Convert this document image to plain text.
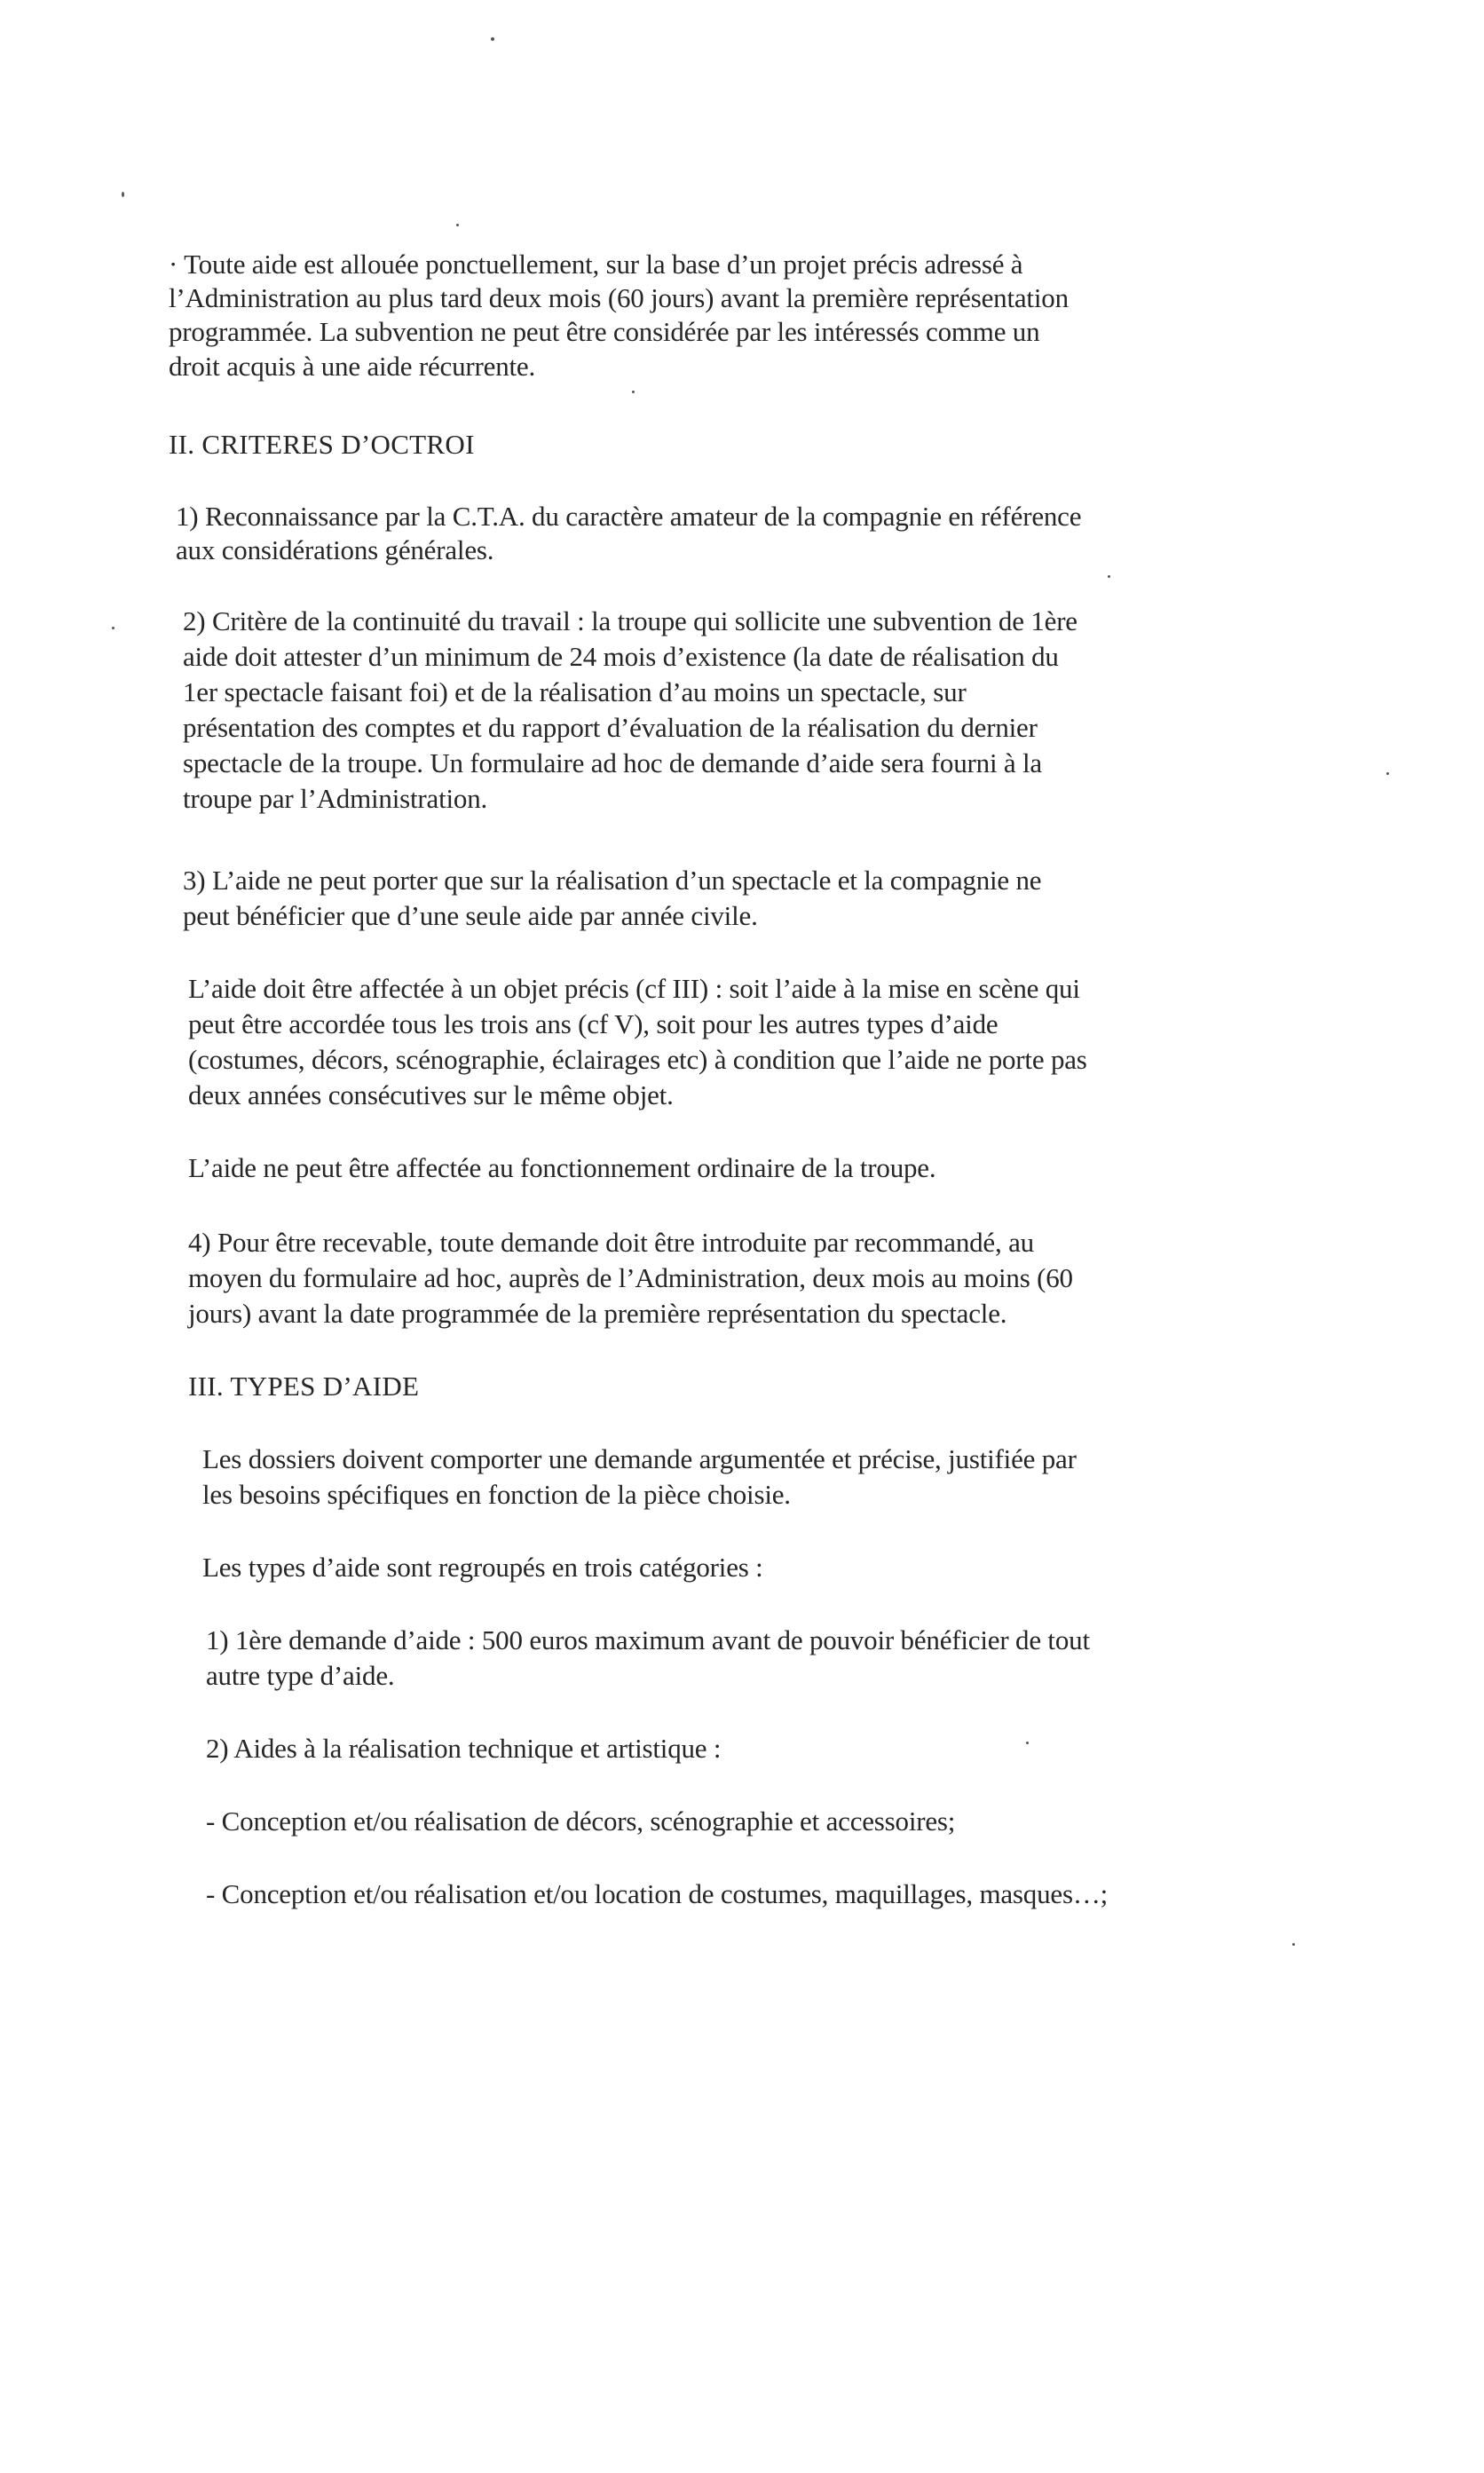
· Toute aide est allouée ponctuellement, sur la base d’un projet précis adressé à
l’Administration au plus tard deux mois (60 jours) avant la première représentation
programmée. La subvention ne peut être considérée par les intéressés comme un
droit acquis à une aide récurrente.
II. CRITERES D’OCTROI
1) Reconnaissance par la C.T.A. du caractère amateur de la compagnie en référence
aux considérations générales.
2) Critère de la continuité du travail : la troupe qui sollicite une subvention de 1ère
aide doit attester d’un minimum de 24 mois d’existence (la date de réalisation du
1er spectacle faisant foi) et de la réalisation d’au moins un spectacle, sur
présentation des comptes et du rapport d’évaluation de la réalisation du dernier
spectacle de la troupe. Un formulaire ad hoc de demande d’aide sera fourni à la
troupe par l’Administration.
3) L’aide ne peut porter que sur la réalisation d’un spectacle et la compagnie ne
peut bénéficier que d’une seule aide par année civile.
L’aide doit être affectée à un objet précis (cf III) : soit l’aide à la mise en scène qui
peut être accordée tous les trois ans (cf V), soit pour les autres types d’aide
(costumes, décors, scénographie, éclairages etc) à condition que l’aide ne porte pas
deux années consécutives sur le même objet.
L’aide ne peut être affectée au fonctionnement ordinaire de la troupe.
4) Pour être recevable, toute demande doit être introduite par recommandé, au
moyen du formulaire ad hoc, auprès de l’Administration, deux mois au moins (60
jours) avant la date programmée de la première représentation du spectacle.
III. TYPES D’AIDE
Les dossiers doivent comporter une demande argumentée et précise, justifiée par
les besoins spécifiques en fonction de la pièce choisie.
Les types d’aide sont regroupés en trois catégories :
1) 1ère demande d’aide : 500 euros maximum avant de pouvoir bénéficier de tout
autre type d’aide.
2) Aides à la réalisation technique et artistique :
- Conception et/ou réalisation de décors, scénographie et accessoires;
- Conception et/ou réalisation et/ou location de costumes, maquillages, masques…;
